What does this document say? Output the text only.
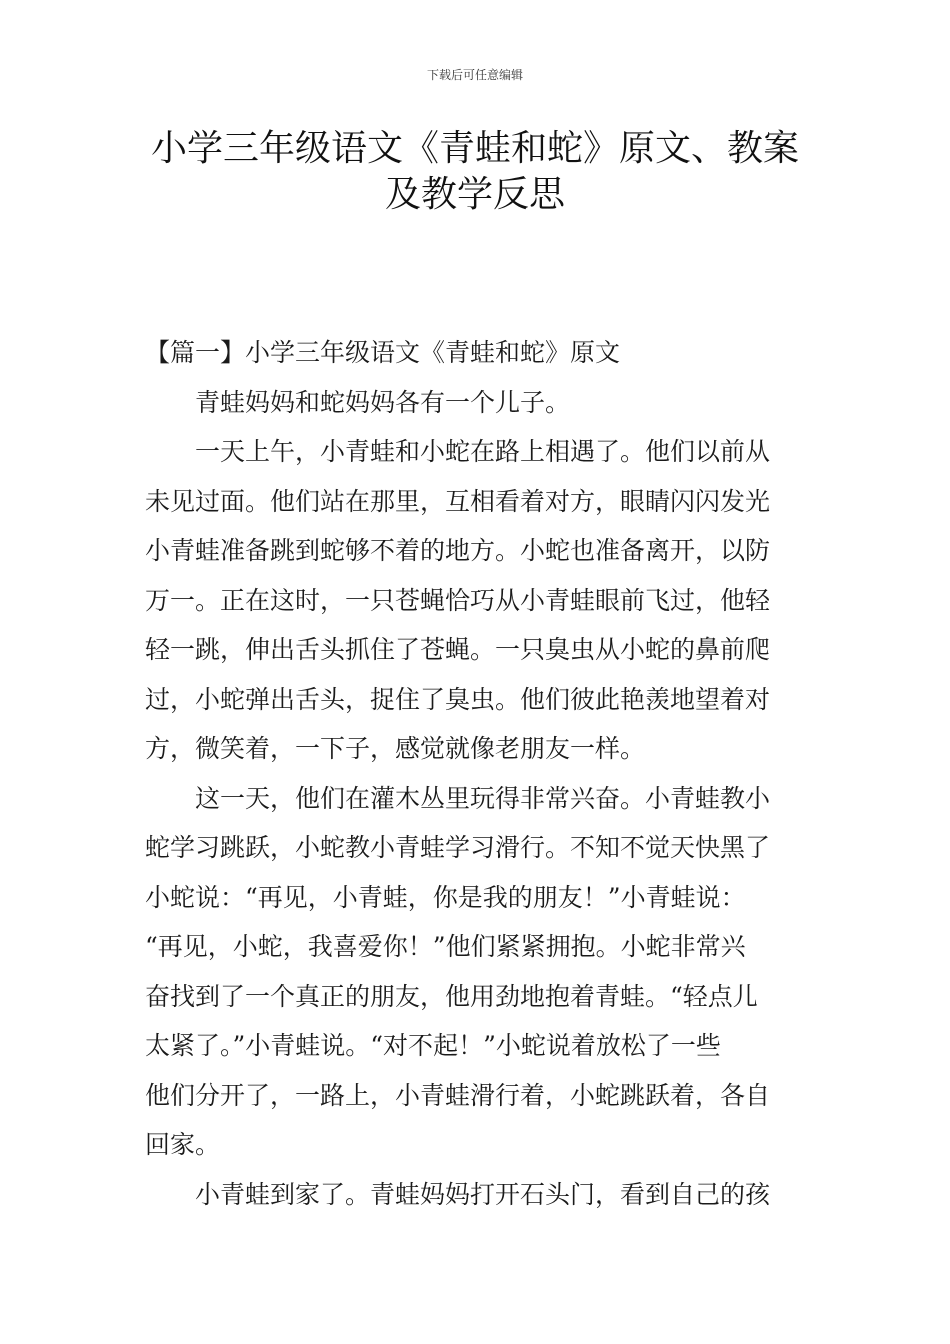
下载后可任意编辑
小学三年级语文《青蛙和蛇》原文、教案
及教学反思

【篇一】小学三年级语文《青蛙和蛇》原文

青蛙妈妈和蛇妈妈各有一个儿子。
一天上午，小青蛙和小蛇在路上相遇了。他们以前从
未见过面。他们站在那里，互相看着对方，眼睛闪闪发光
小青蛙准备跳到蛇够不着的地方。小蛇也准备离开，以防
万一。正在这时，一只苍蝇恰巧从小青蛙眼前飞过，他轻
轻一跳，伸出舌头抓住了苍蝇。一只臭虫从小蛇的鼻前爬
过，小蛇弹出舌头，捉住了臭虫。他们彼此艳羡地望着对
方，微笑着，一下子，感觉就像老朋友一样。
这一天，他们在灌木丛里玩得非常兴奋。小青蛙教小
蛇学习跳跃，小蛇教小青蛙学习滑行。不知不觉天快黑了
小蛇说：“再见，小青蛙，你是我的朋友！”小青蛙说：
“再见，小蛇，我喜爱你！”他们紧紧拥抱。小蛇非常兴
奋找到了一个真正的朋友，他用劲地抱着青蛙。“轻点儿
太紧了。”小青蛙说。“对不起！”小蛇说着放松了一些
他们分开了，一路上，小青蛙滑行着，小蛇跳跃着，各自
回家。
小青蛙到家了。青蛙妈妈打开石头门，看到自己的孩
